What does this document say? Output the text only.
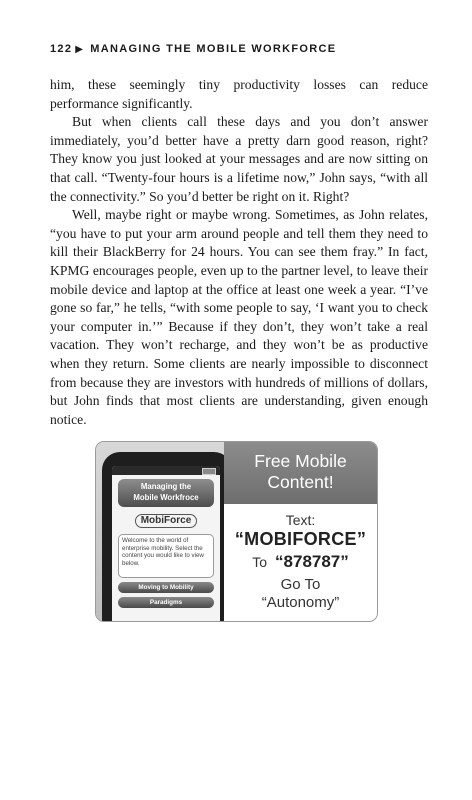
122 ▶ MANAGING THE MOBILE WORKFORCE

him, these seemingly tiny productivity losses can reduce performance significantly.

But when clients call these days and you don’t answer immediately, you’d better have a pretty darn good reason, right? They know you just looked at your messages and are now sitting on that call. “Twenty-four hours is a lifetime now,” John says, “with all the connectivity.” So you’d better be right on it. Right?

Well, maybe right or maybe wrong. Sometimes, as John relates, “you have to put your arm around people and tell them they need to kill their BlackBerry for 24 hours. You can see them fray.” In fact, KPMG encourages people, even up to the partner level, to leave their mobile device and laptop at the office at least one week a year. “I’ve gone so far,” he tells, “with some people to say, ‘I want you to check your computer in.’” Because if they don’t, they won’t take a real vacation. They won’t recharge, and they won’t be as productive when they return. Some clients are nearly impossible to disconnect from because they are investors with hundreds of millions of dollars, but John finds that most clients are understanding, given enough notice.

Managing the
Mobile Workfroce
MobiForce
Welcome to the world of enterprise mobility. Select the content you would like to view below.
Moving to Mobility
Paradigms
Free Mobile
Content!
Text:
“MOBIFORCE”
To “878787”
Go To
“Autonomy”
